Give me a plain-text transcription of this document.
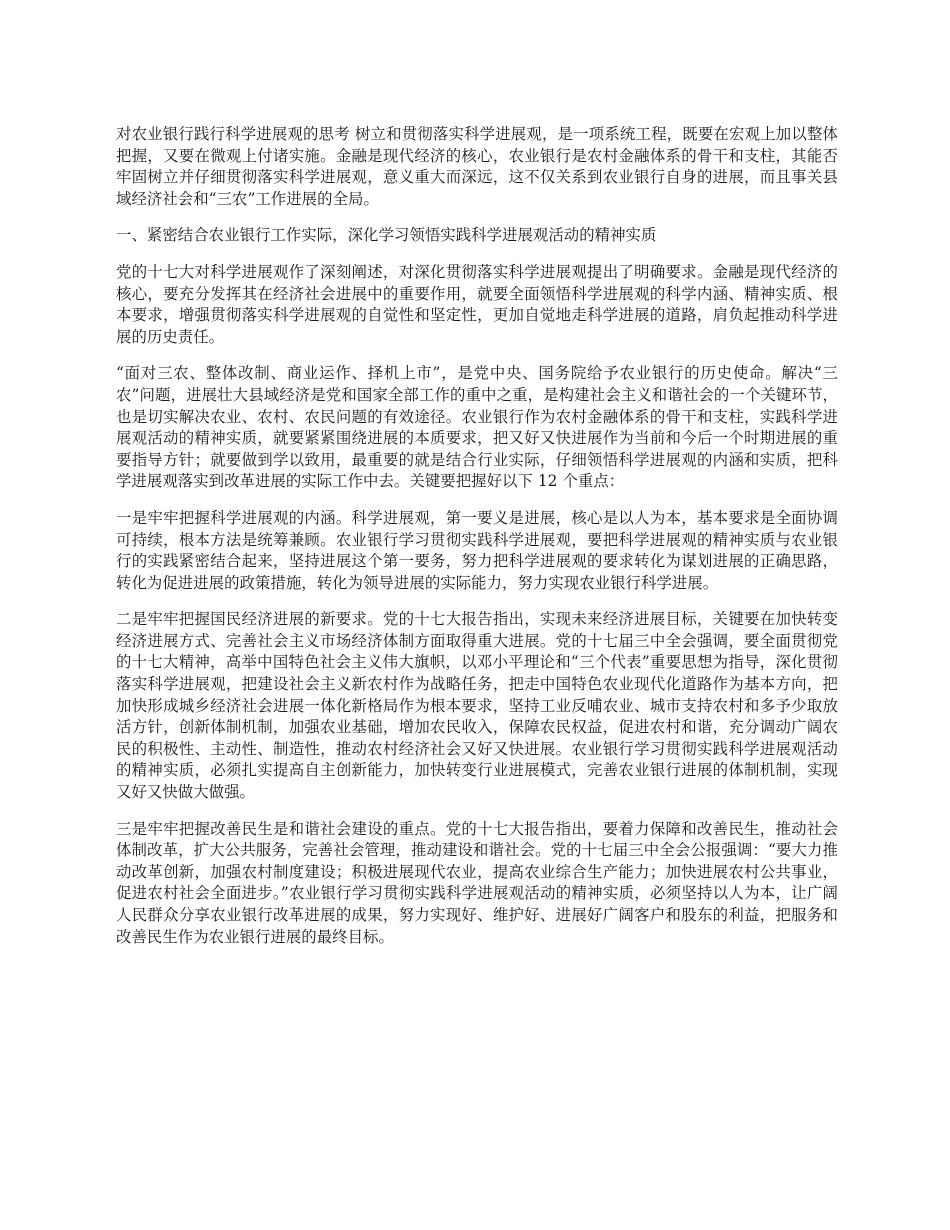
对农业银行践行科学进展观的思考 树立和贯彻落实科学进展观，是一项系统工程，既要在宏观上加以整体把握，又要在微观上付诸实施。金融是现代经济的核心，农业银行是农村金融体系的骨干和支柱，其能否牢固树立并仔细贯彻落实科学进展观，意义重大而深远，这不仅关系到农业银行自身的进展，而且事关县域经济社会和“三农”工作进展的全局。

一、紧密结合农业银行工作实际，深化学习领悟实践科学进展观活动的精神实质

党的十七大对科学进展观作了深刻阐述，对深化贯彻落实科学进展观提出了明确要求。金融是现代经济的核心，要充分发挥其在经济社会进展中的重要作用，就要全面领悟科学进展观的科学内涵、精神实质、根本要求，增强贯彻落实科学进展观的自觉性和坚定性，更加自觉地走科学进展的道路，肩负起推动科学进展的历史责任。

“面对三农、整体改制、商业运作、择机上市”，是党中央、国务院给予农业银行的历史使命。解决“三农”问题，进展壮大县域经济是党和国家全部工作的重中之重，是构建社会主义和谐社会的一个关键环节，也是切实解决农业、农村、农民问题的有效途径。农业银行作为农村金融体系的骨干和支柱，实践科学进展观活动的精神实质，就要紧紧围绕进展的本质要求，把又好又快进展作为当前和今后一个时期进展的重要指导方针；就要做到学以致用，最重要的就是结合行业实际，仔细领悟科学进展观的内涵和实质，把科学进展观落实到改革进展的实际工作中去。关键要把握好以下 12 个重点：

一是牢牢把握科学进展观的内涵。科学进展观，第一要义是进展，核心是以人为本，基本要求是全面协调可持续，根本方法是统筹兼顾。农业银行学习贯彻实践科学进展观，要把科学进展观的精神实质与农业银行的实践紧密结合起来，坚持进展这个第一要务，努力把科学进展观的要求转化为谋划进展的正确思路，转化为促进进展的政策措施，转化为领导进展的实际能力，努力实现农业银行科学进展。

二是牢牢把握国民经济进展的新要求。党的十七大报告指出，实现未来经济进展目标，关键要在加快转变经济进展方式、完善社会主义市场经济体制方面取得重大进展。党的十七届三中全会强调，要全面贯彻党的十七大精神，高举中国特色社会主义伟大旗帜，以邓小平理论和“三个代表”重要思想为指导，深化贯彻落实科学进展观，把建设社会主义新农村作为战略任务，把走中国特色农业现代化道路作为基本方向，把加快形成城乡经济社会进展一体化新格局作为根本要求，坚持工业反哺农业、城市支持农村和多予少取放活方针，创新体制机制，加强农业基础，增加农民收入，保障农民权益，促进农村和谐，充分调动广阔农民的积极性、主动性、制造性，推动农村经济社会又好又快进展。农业银行学习贯彻实践科学进展观活动的精神实质，必须扎实提高自主创新能力，加快转变行业进展模式，完善农业银行进展的体制机制，实现又好又快做大做强。

三是牢牢把握改善民生是和谐社会建设的重点。党的十七大报告指出，要着力保障和改善民生，推动社会体制改革，扩大公共服务，完善社会管理，推动建设和谐社会。党的十七届三中全会公报强调：“要大力推动改革创新，加强农村制度建设；积极进展现代农业，提高农业综合生产能力；加快进展农村公共事业，促进农村社会全面进步。”农业银行学习贯彻实践科学进展观活动的精神实质，必须坚持以人为本，让广阔人民群众分享农业银行改革进展的成果，努力实现好、维护好、进展好广阔客户和股东的利益，把服务和改善民生作为农业银行进展的最终目标。
